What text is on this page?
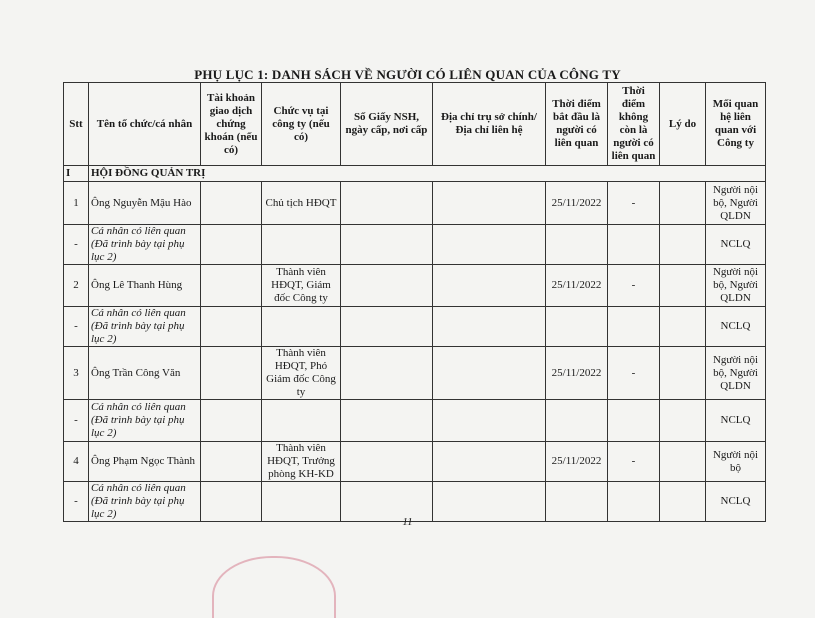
PHỤ LỤC 1: DANH SÁCH VỀ NGƯỜI CÓ LIÊN QUAN CỦA CÔNG TY
Stt	Tên tổ chức/cá nhân	Tài khoản giao dịch chứng khoán (nếu có)	Chức vụ tại công ty (nếu có)	Số Giấy NSH, ngày cấp, nơi cấp	Địa chỉ trụ sở chính/Địa chỉ liên hệ	Thời điểm bắt đầu là người có liên quan	Thời điểm không còn là người có liên quan	Lý do	Mối quan hệ liên quan với Công ty
I	HỘI ĐỒNG QUẢN TRỊ								
1	Ông Nguyễn Mậu Hào		Chủ tịch HĐQT			25/11/2022	-		Người nội bộ, Người QLDN
-	Cá nhân có liên quan (Đã trình bày tại phụ lục 2)								NCLQ
2	Ông Lê Thanh Hùng		Thành viên HĐQT, Giám đốc Công ty			25/11/2022	-		Người nội bộ, Người QLDN
-	Cá nhân có liên quan (Đã trình bày tại phụ lục 2)								NCLQ
3	Ông Trần Công Văn		Thành viên HĐQT, Phó Giám đốc Công ty			25/11/2022	-		Người nội bộ, Người QLDN
-	Cá nhân có liên quan (Đã trình bày tại phụ lục 2)								NCLQ
4	Ông Phạm Ngọc Thành		Thành viên HĐQT, Trưởng phòng KH-KD			25/11/2022	-		Người nội bộ
-	Cá nhân có liên quan (Đã trình bày tại phụ lục 2)								NCLQ
11
